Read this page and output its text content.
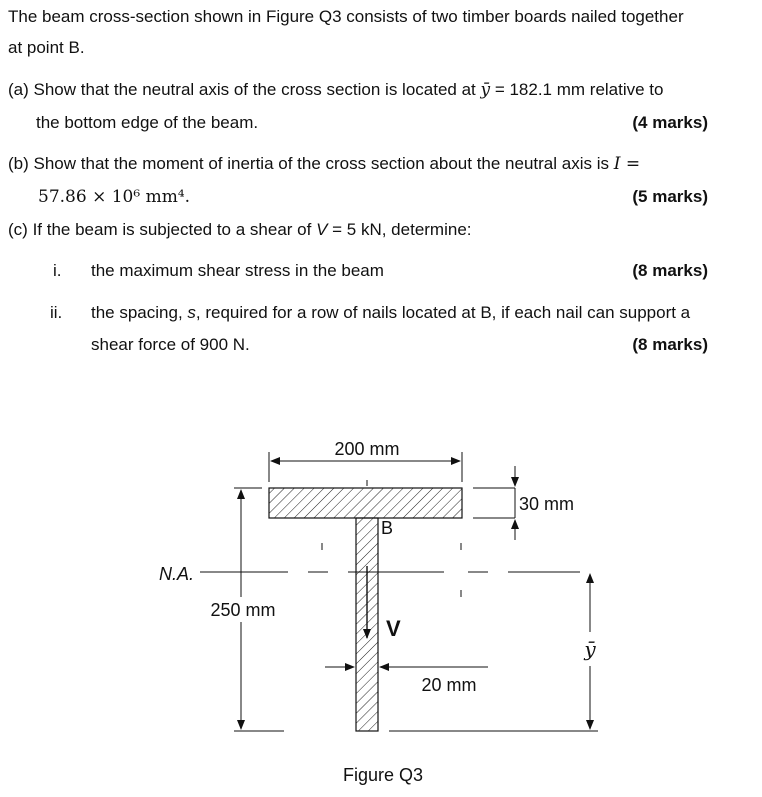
The beam cross-section shown in Figure Q3 consists of two timber boards nailed together
at point B.
(a) Show that the neutral axis of the cross section is located at ȳ = 182.1 mm relative to
the bottom edge of the beam.	(4 marks)
(b) Show that the moment of inertia of the cross section about the neutral axis is I =
57.86 × 10⁶ mm⁴.	(5 marks)
(c) If the beam is subjected to a shear of V = 5 kN, determine:
i. the maximum shear stress in the beam	(8 marks)
ii. the spacing, s, required for a row of nails located at B, if each nail can support a
shear force of 900 N.	(8 marks)
200 mm
30 mm
250 mm
N.A.
20 mm
V
B
ȳ
Figure Q3
